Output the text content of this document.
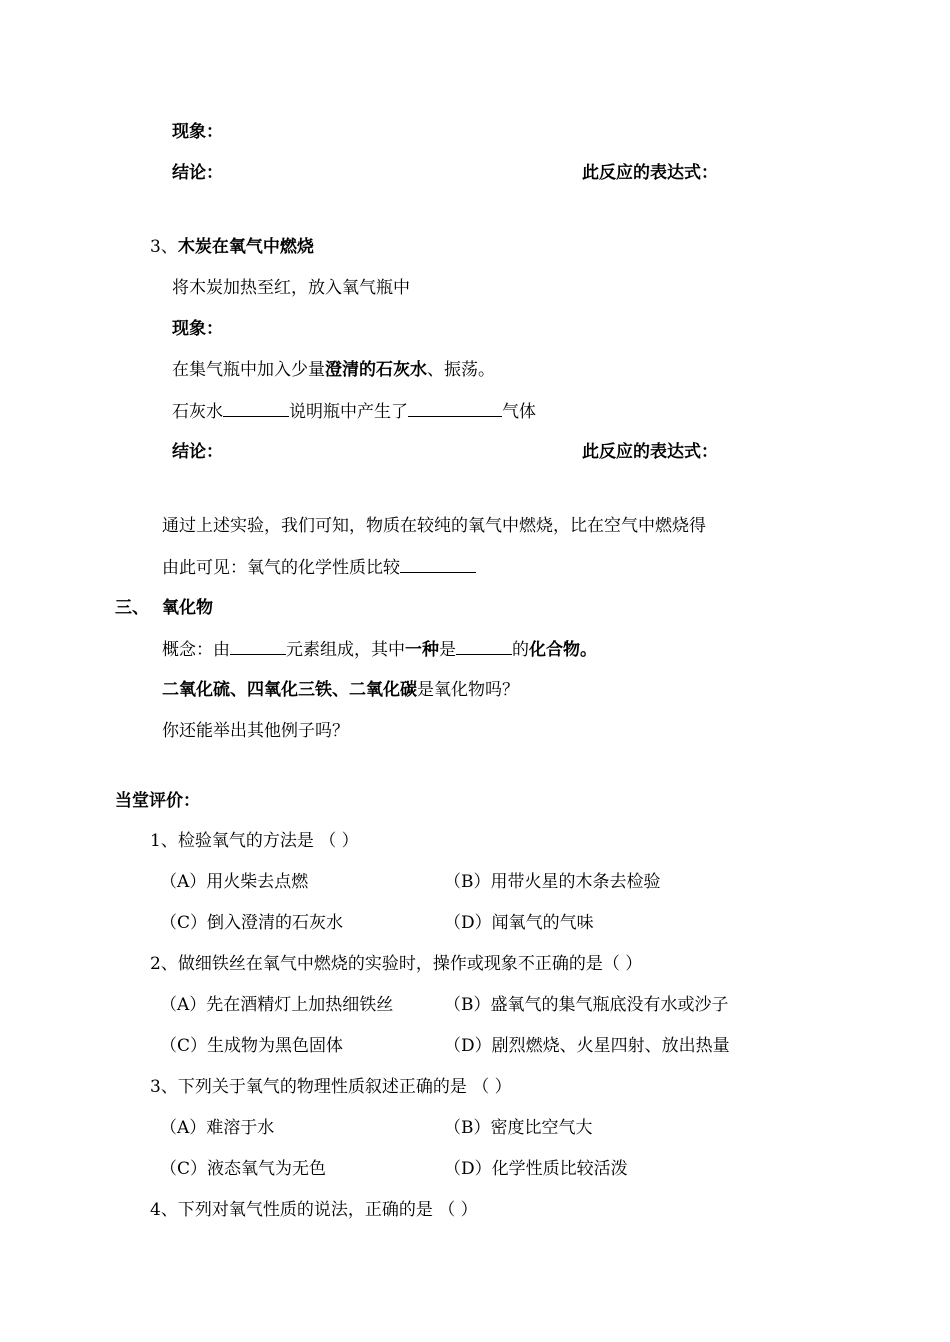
现象：
结论：	此反应的表达式：
3、木炭在氧气中燃烧
将木炭加热至红，放入氧气瓶中
现象：
在集气瓶中加入少量澄清的石灰水、振荡。
石灰水	说明瓶中产生了	气体
结论：	此反应的表达式：
通过上述实验，我们可知，物质在较纯的氧气中燃烧，比在空气中燃烧得
由此可见：氧气的化学性质比较
三、 氧化物
概念：由	元素组成，其中一种是	的化合物。
二氧化硫、四氧化三铁、二氧化碳是氧化物吗？
你还能举出其他例子吗？
当堂评价：
1、检验氧气的方法是 （ ）
（A）用火柴去点燃	（B）用带火星的木条去检验
（C）倒入澄清的石灰水	（D）闻氧气的气味
2、做细铁丝在氧气中燃烧的实验时，操作或现象不正确的是（ ）
（A）先在酒精灯上加热细铁丝	（B）盛氧气的集气瓶底没有水或沙子
（C）生成物为黑色固体	（D）剧烈燃烧、火星四射、放出热量
3、下列关于氧气的物理性质叙述正确的是 （ ）
（A）难溶于水	（B）密度比空气大
（C）液态氧气为无色	（D）化学性质比较活泼
4、下列对氧气性质的说法，正确的是 （ ）
